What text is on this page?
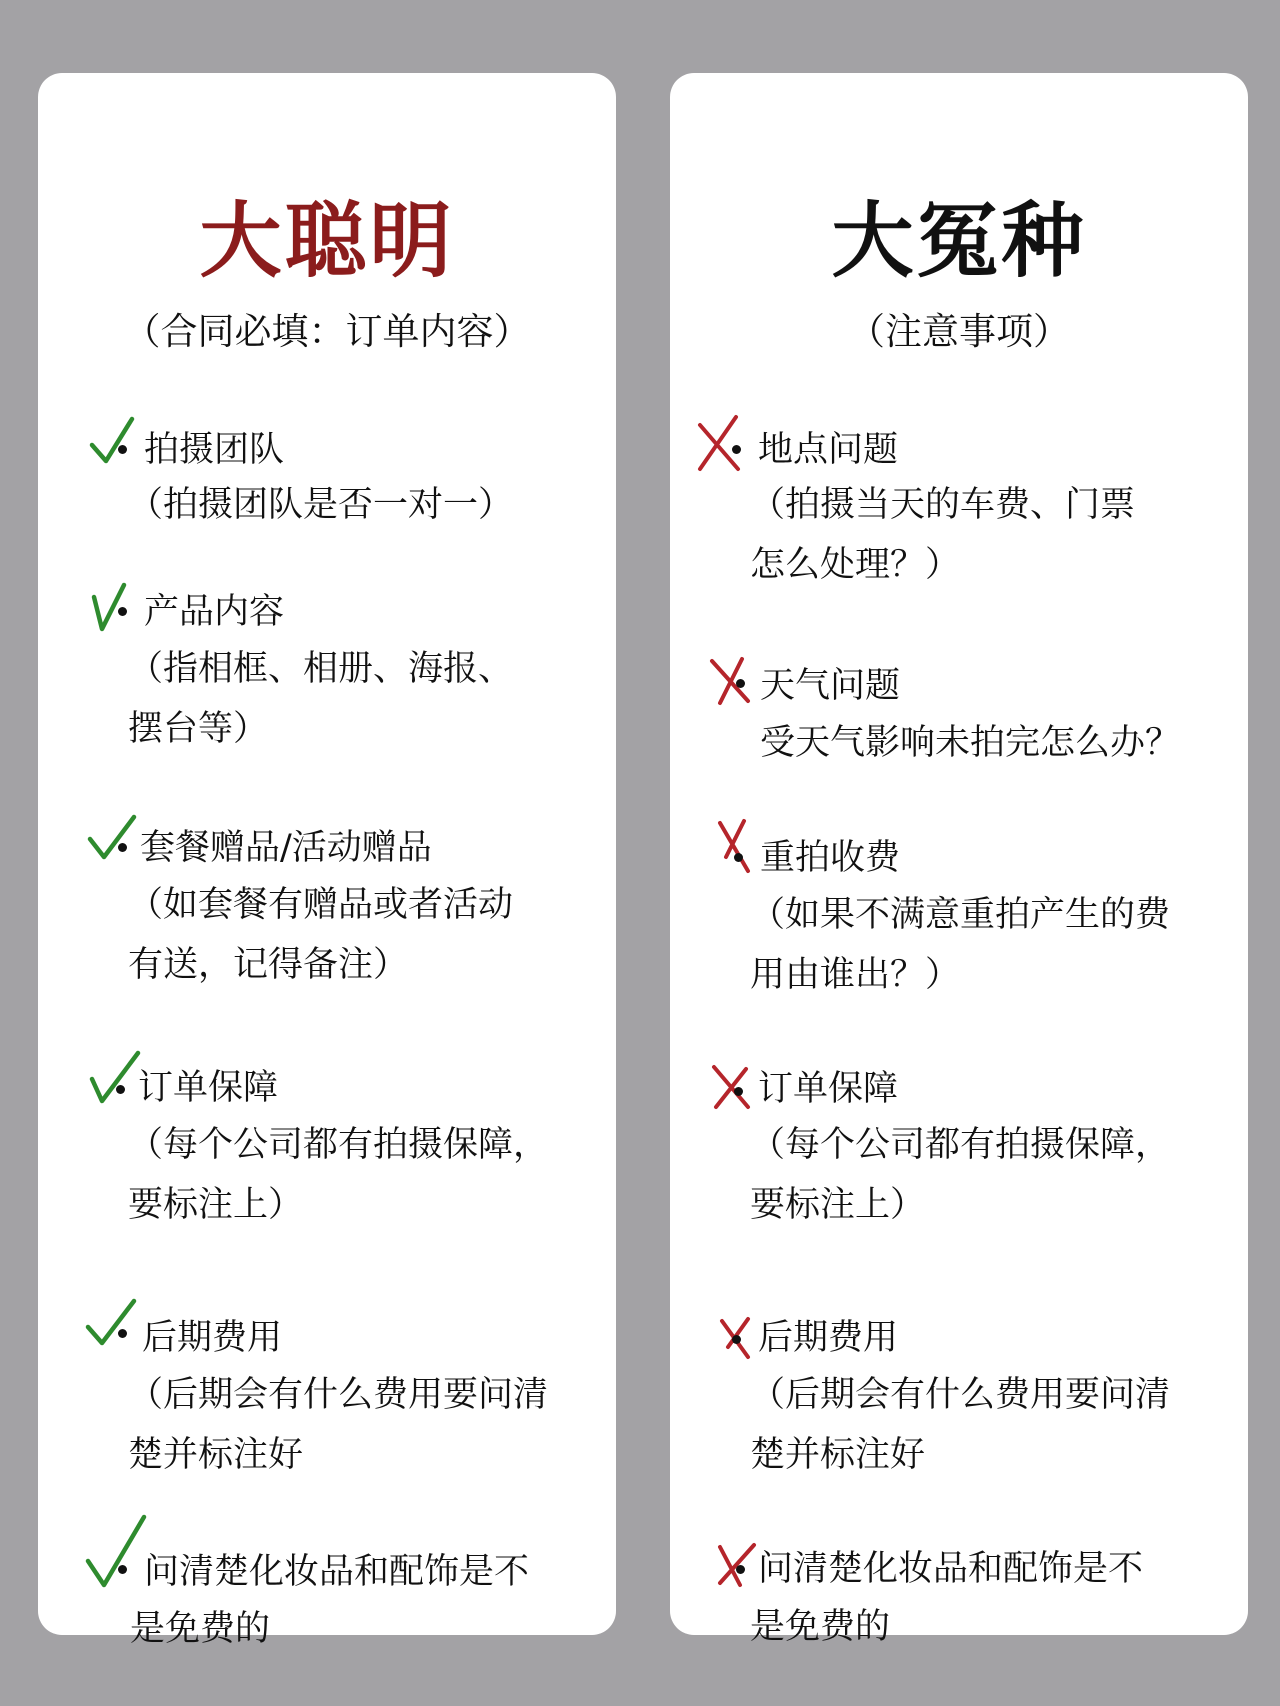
大聪明
（合同必填：订单内容）
拍摄团队
（拍摄团队是否一对一）
产品内容
（指相框、相册、海报、
摆台等）
套餐赠品/活动赠品
（如套餐有赠品或者活动
有送，记得备注）
订单保障
（每个公司都有拍摄保障，
要标注上）
后期费用
（后期会有什么费用要问清
楚并标注好
问清楚化妆品和配饰是不
是免费的
大冤种
（注意事项）
地点问题
（拍摄当天的车费、门票
怎么处理？）
天气问题
受天气影响未拍完怎么办？
重拍收费
（如果不满意重拍产生的费
用由谁出？）
订单保障
（每个公司都有拍摄保障，
要标注上）
后期费用
（后期会有什么费用要问清
楚并标注好
问清楚化妆品和配饰是不
是免费的
